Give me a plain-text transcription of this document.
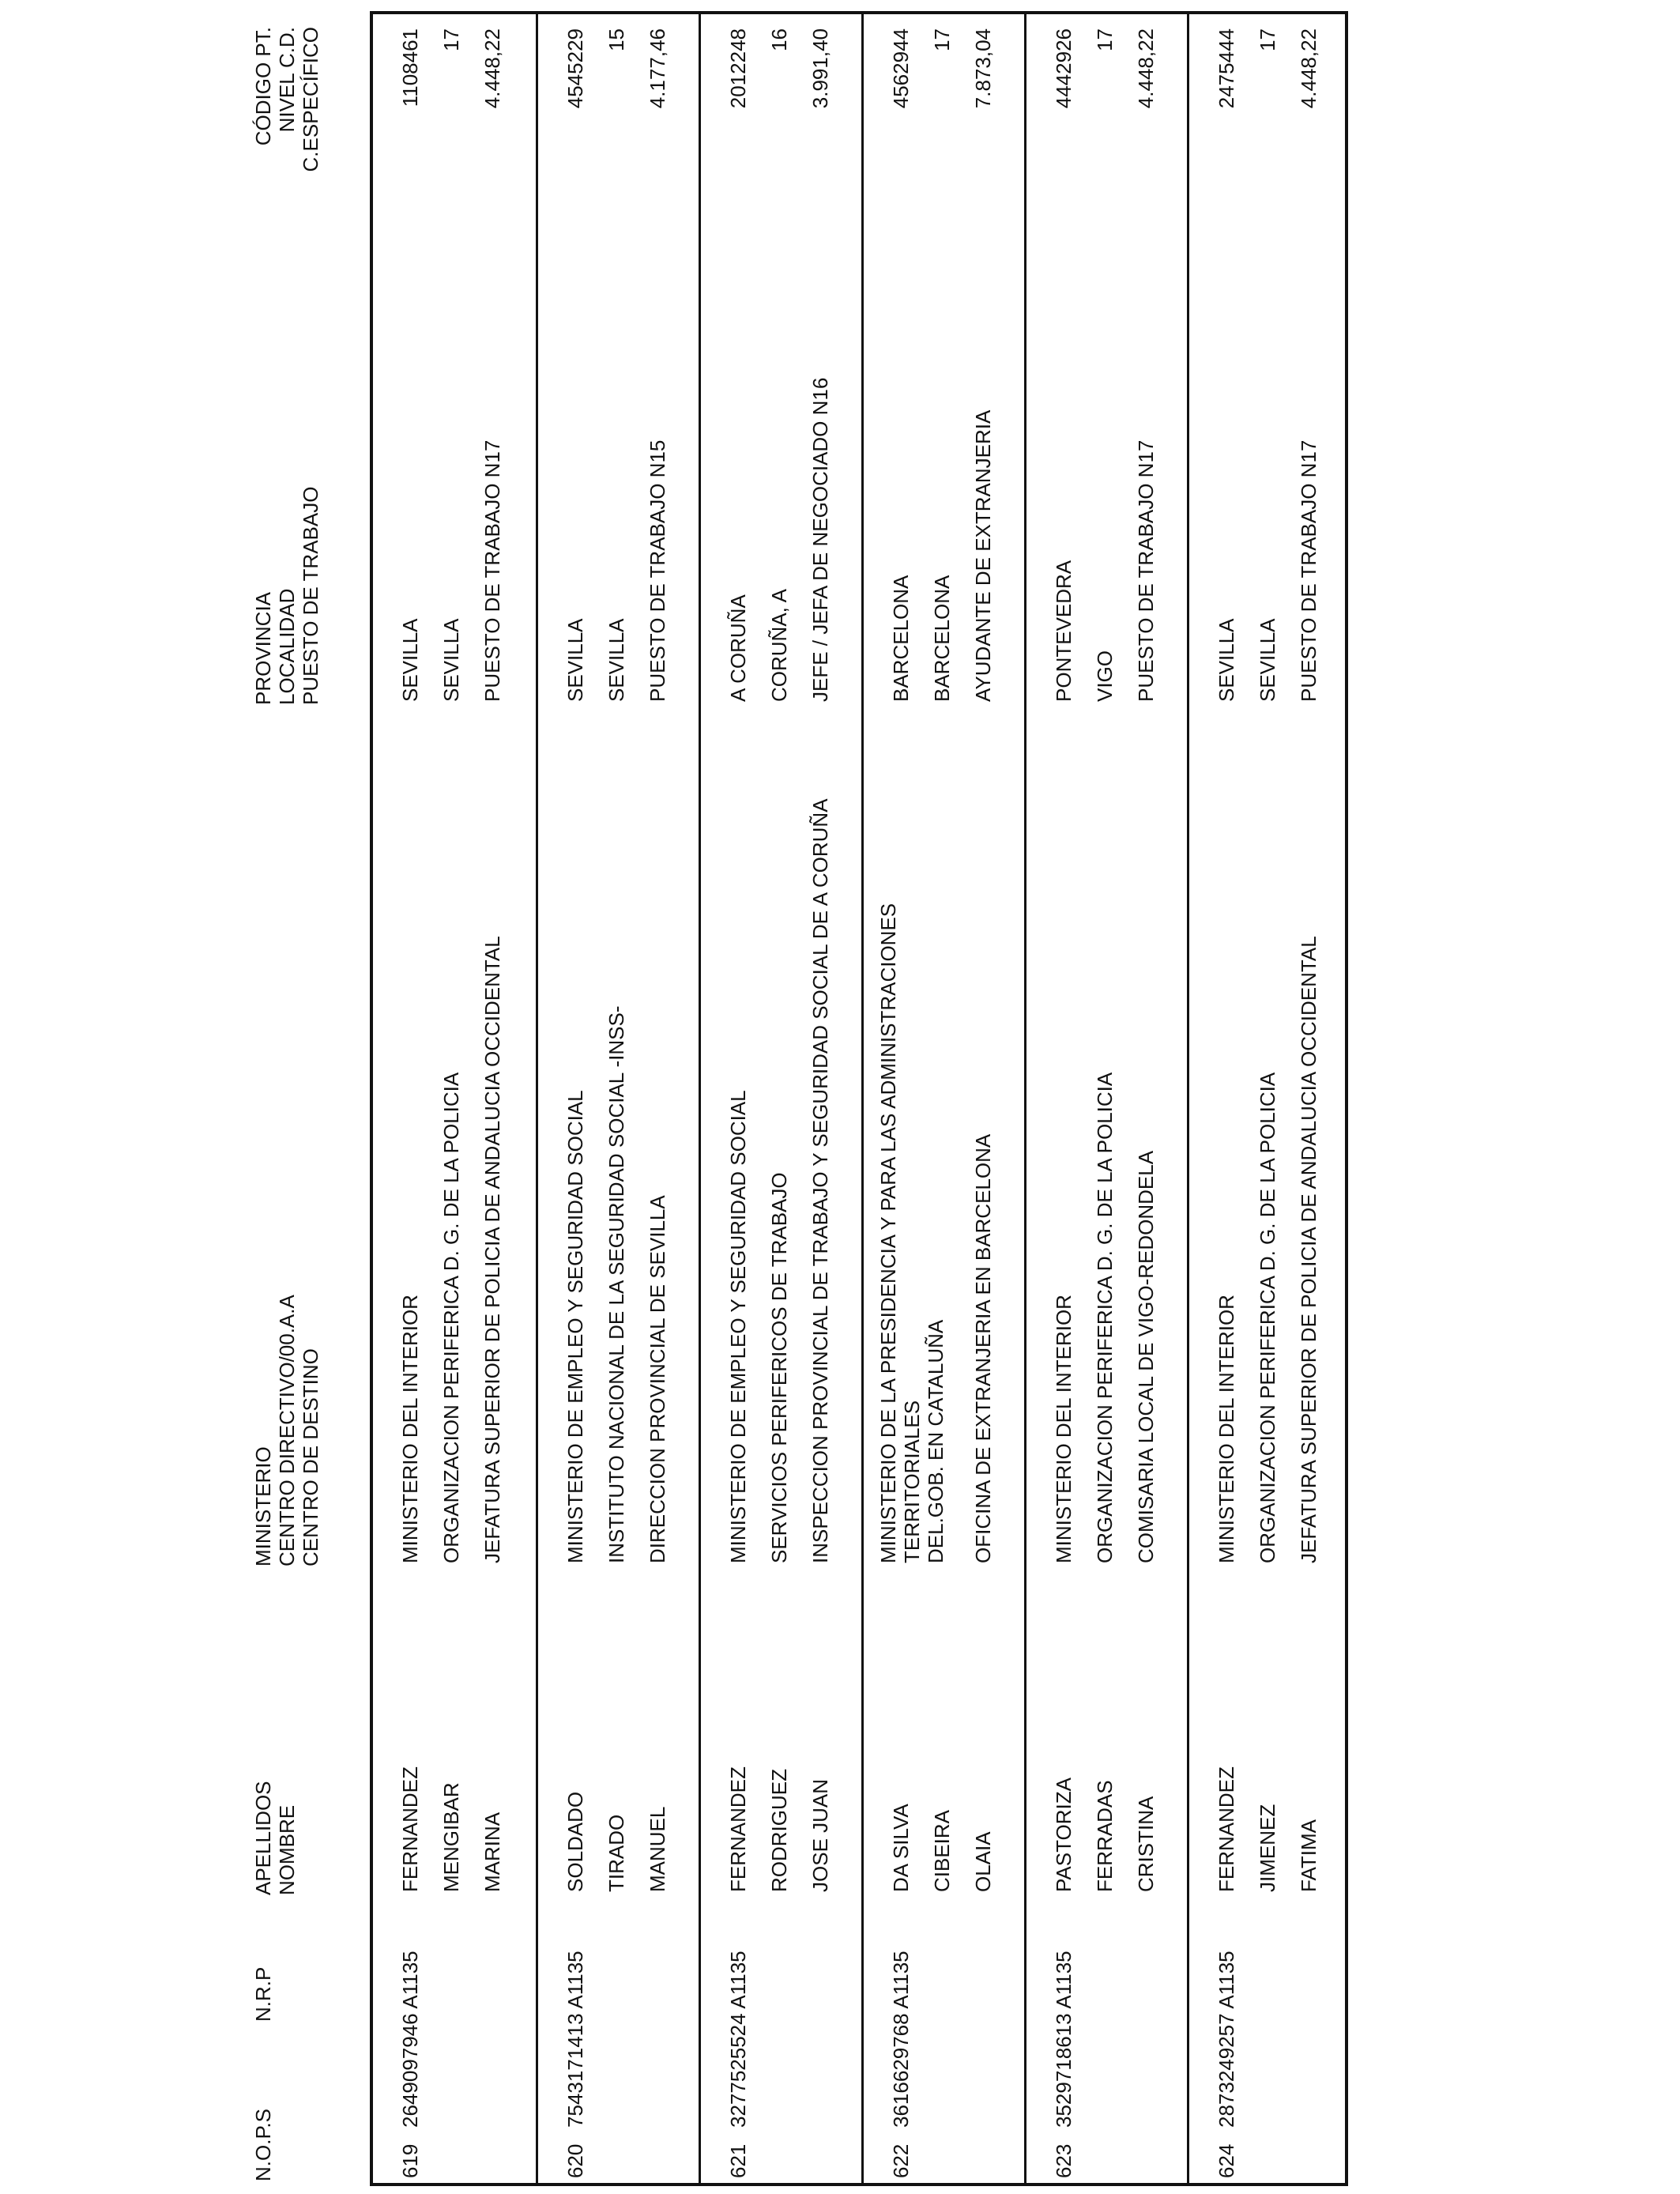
N.O.P.S
N.R.P
APELLIDOS NOMBRE
MINISTERIO CENTRO DIRECTIVO/00.A.A CENTRO DE DESTINO
PROVINCIA LOCALIDAD PUESTO DE TRABAJO
CÓDIGO PT. NIVEL C.D. C.ESPECÍFICO
619
2649097946 A1135
FERNANDEZ MENGIBAR MARINA
MINISTERIO DEL INTERIOR ORGANIZACION PERIFERICA D. G. DE LA POLICIA JEFATURA SUPERIOR DE POLICIA DE ANDALUCIA OCCIDENTAL
SEVILLA SEVILLA PUESTO DE TRABAJO N17
1108461 17 4.448,22
620
7543171413 A1135
SOLDADO TIRADO MANUEL
MINISTERIO DE EMPLEO Y SEGURIDAD SOCIAL INSTITUTO NACIONAL DE LA SEGURIDAD SOCIAL -INSS- DIRECCION PROVINCIAL DE SEVILLA
SEVILLA SEVILLA PUESTO DE TRABAJO N15
4545229 15 4.177,46
621
3277525524 A1135
FERNANDEZ RODRIGUEZ JOSE JUAN
MINISTERIO DE EMPLEO Y SEGURIDAD SOCIAL SERVICIOS PERIFERICOS DE TRABAJO INSPECCION PROVINCIAL DE TRABAJO Y SEGURIDAD SOCIAL DE A CORUÑA
A CORUÑA CORUÑA, A JEFE / JEFA DE NEGOCIADO N16
2012248 16 3.991,40
622
3616629768 A1135
DA SILVA CIBEIRA OLAIA
MINISTERIO DE LA PRESIDENCIA Y PARA LAS ADMINISTRACIONES TERRITORIALES DEL.GOB. EN CATALUÑA OFICINA DE EXTRANJERIA EN BARCELONA
BARCELONA BARCELONA AYUDANTE DE EXTRANJERIA
4562944 17 7.873,04
623
3529718613 A1135
PASTORIZA FERRADAS CRISTINA
MINISTERIO DEL INTERIOR ORGANIZACION PERIFERICA D. G. DE LA POLICIA COMISARIA LOCAL DE VIGO-REDONDELA
PONTEVEDRA VIGO PUESTO DE TRABAJO N17
4442926 17 4.448,22
624
2873249257 A1135
FERNANDEZ JIMENEZ FATIMA
MINISTERIO DEL INTERIOR ORGANIZACION PERIFERICA D. G. DE LA POLICIA JEFATURA SUPERIOR DE POLICIA DE ANDALUCIA OCCIDENTAL
SEVILLA SEVILLA PUESTO DE TRABAJO N17
2475444 17 4.448,22
